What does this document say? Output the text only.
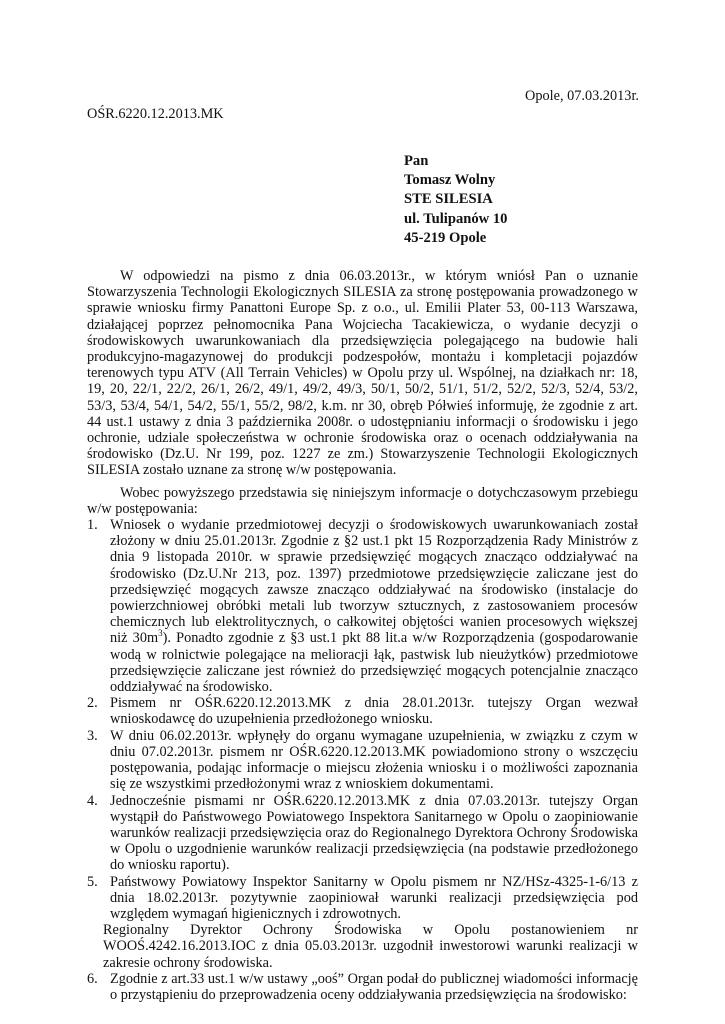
Opole, 07.03.2013r.
OŚR.6220.12.2013.MK
Pan
Tomasz Wolny
STE SILESIA
ul. Tulipanów 10
45-219 Opole

W odpowiedzi na pismo z dnia 06.03.2013r., w którym wniósł Pan o uznanie Stowarzyszenia Technologii Ekologicznych SILESIA za stronę postępowania prowadzonego w sprawie wniosku firmy Panattoni Europe Sp. z o.o., ul. Emilii Plater 53, 00-113 Warszawa, działającej poprzez pełnomocnika Pana Wojciecha Tacakiewicza, o wydanie decyzji o środowiskowych uwarunkowaniach dla przedsięwzięcia polegającego na budowie hali produkcyjno-magazynowej do produkcji podzespołów, montażu i kompletacji pojazdów terenowych typu ATV (All Terrain Vehicles) w Opolu przy ul. Wspólnej, na działkach nr: 18, 19, 20, 22/1, 22/2, 26/1, 26/2, 49/1, 49/2, 49/3, 50/1, 50/2, 51/1, 51/2, 52/2, 52/3, 52/4, 53/2, 53/3, 53/4, 54/1, 54/2, 55/1, 55/2, 98/2, k.m. nr 30, obręb Półwieś informuję, że zgodnie z art. 44 ust.1 ustawy z dnia 3 października 2008r. o udostępnianiu informacji o środowisku i jego ochronie, udziale społeczeństwa w ochronie środowiska oraz o ocenach oddziaływania na środowisko (Dz.U. Nr 199, poz. 1227 ze zm.) Stowarzyszenie Technologii Ekologicznych SILESIA zostało uznane za stronę w/w postępowania.

Wobec powyższego przedstawia się niniejszym informacje o dotychczasowym przebiegu w/w postępowania:

1. Wniosek o wydanie przedmiotowej decyzji o środowiskowych uwarunkowaniach został złożony w dniu 25.01.2013r. Zgodnie z §2 ust.1 pkt 15 Rozporządzenia Rady Ministrów z dnia 9 listopada 2010r. w sprawie przedsięwzięć mogących znacząco oddziaływać na środowisko (Dz.U.Nr 213, poz. 1397) przedmiotowe przedsięwzięcie zaliczane jest do przedsięwzięć mogących zawsze znacząco oddziaływać na środowisko (instalacje do powierzchniowej obróbki metali lub tworzyw sztucznych, z zastosowaniem procesów chemicznych lub elektrolitycznych, o całkowitej objętości wanien procesowych większej niż $30m^3$). Ponadto zgodnie z §3 ust.1 pkt 88 lit.a w/w Rozporządzenia (gospodarowanie wodą w rolnictwie polegające na melioracji łąk, pastwisk lub nieużytków) przedmiotowe przedsięwzięcie zaliczane jest również do przedsięwzięć mogących potencjalnie znacząco oddziaływać na środowisko.
2. Pismem nr OŚR.6220.12.2013.MK z dnia 28.01.2013r. tutejszy Organ wezwał wnioskodawcę do uzupełnienia przedłożonego wniosku.
3. W dniu 06.02.2013r. wpłynęły do organu wymagane uzupełnienia, w związku z czym w dniu 07.02.2013r. pismem nr OŚR.6220.12.2013.MK powiadomiono strony o wszczęciu postępowania, podając informacje o miejscu złożenia wniosku i o możliwości zapoznania się ze wszystkimi przedłożonymi wraz z wnioskiem dokumentami.
4. Jednocześnie pismami nr OŚR.6220.12.2013.MK z dnia 07.03.2013r. tutejszy Organ wystąpił do Państwowego Powiatowego Inspektora Sanitarnego w Opolu o zaopiniowanie warunków realizacji przedsięwzięcia oraz do Regionalnego Dyrektora Ochrony Środowiska w Opolu o uzgodnienie warunków realizacji przedsięwzięcia (na podstawie przedłożonego do wniosku raportu).
5. Państwowy Powiatowy Inspektor Sanitarny w Opolu pismem nr NZ/HSz-4325-1-6/13 z dnia 18.02.2013r. pozytywnie zaopiniował warunki realizacji przedsięwzięcia pod względem wymagań higienicznych i zdrowotnych.
Regionalny Dyrektor Ochrony Środowiska w Opolu postanowieniem nr WOOŚ.4242.16.2013.IOC z dnia 05.03.2013r. uzgodnił inwestorowi warunki realizacji w zakresie ochrony środowiska.
6. Zgodnie z art.33 ust.1 w/w ustawy „ooś” Organ podał do publicznej wiadomości informację o przystąpieniu do przeprowadzenia oceny oddziaływania przedsięwzięcia na środowisko:
